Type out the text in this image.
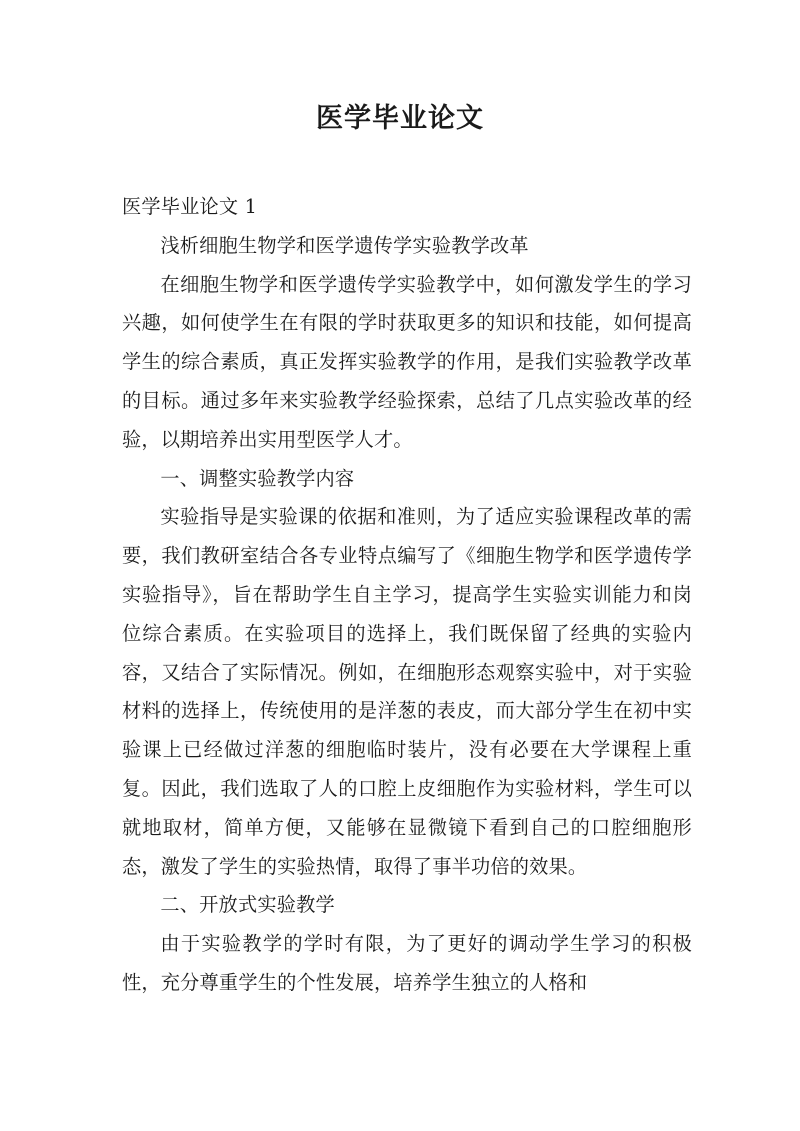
医学毕业论文

医学毕业论文 1

浅析细胞生物学和医学遗传学实验教学改革

在细胞生物学和医学遗传学实验教学中，如何激发学生的学习兴趣，如何使学生在有限的学时获取更多的知识和技能，如何提高学生的综合素质，真正发挥实验教学的作用，是我们实验教学改革的目标。通过多年来实验教学经验探索，总结了几点实验改革的经验，以期培养出实用型医学人才。

一、调整实验教学内容

实验指导是实验课的依据和准则，为了适应实验课程改革的需要，我们教研室结合各专业特点编写了《细胞生物学和医学遗传学实验指导》，旨在帮助学生自主学习，提高学生实验实训能力和岗位综合素质。在实验项目的选择上，我们既保留了经典的实验内容，又结合了实际情况。例如，在细胞形态观察实验中，对于实验材料的选择上，传统使用的是洋葱的表皮，而大部分学生在初中实验课上已经做过洋葱的细胞临时装片，没有必要在大学课程上重复。因此，我们选取了人的口腔上皮细胞作为实验材料，学生可以就地取材，简单方便，又能够在显微镜下看到自己的口腔细胞形态，激发了学生的实验热情，取得了事半功倍的效果。

二、开放式实验教学

由于实验教学的学时有限，为了更好的调动学生学习的积极性，充分尊重学生的个性发展，培养学生独立的人格和
